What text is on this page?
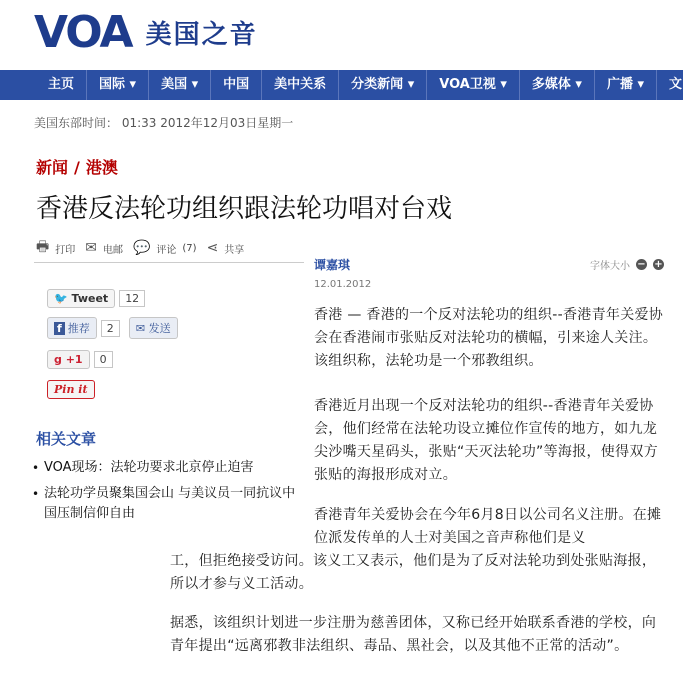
VOA 美国之音
主页	国际 ▾	美国 ▾	中国	美中关系	分类新闻 ▾	VOA卫视 ▾	多媒体 ▾	广播 ▾	文
美国东部时间： 01:33 2012年12月03日星期一
新闻 / 港澳
香港反法轮功组织跟法轮功唱对台戏
🖶 打印 ✉ 电邮 💬 评论 (7) ⋖ 共享
🐦 Tweet 12
f 推荐 2 ✉ 发送
g +1 0
Pin it
相关文章
• VOA现场：法轮功要求北京停止迫害
• 法轮功学员聚集国会山 与美议员一同抗议中国压制信仰自由
谭嘉琪
12.01.2012
字体大小 − +

香港 — 香港的一个反对法轮功的组织--香港青年关爱协会在香港闹市张贴反对法轮功的横幅，引来途人关注。该组织称，法轮功是一个邪教组织。

香港近月出现一个反对法轮功的组织--香港青年关爱协会，他们经常在法轮功设立摊位作宣传的地方，如九龙尖沙嘴天星码头，张贴“天灭法轮功”等海报，使得双方张贴的海报形成对立。

香港青年关爱协会在今年6月8日以公司名义注册。在摊位派发传单的人士对美国之音声称他们是义

工，但拒绝接受访问。该义工又表示，他们是为了反对法轮功到处张贴海报，所以才参与义工活动。

据悉，该组织计划进一步注册为慈善团体，又称已经开始联系香港的学校，向青年提出“远离邪教非法组织、毒品、黑社会，以及其他不正常的活动”。
